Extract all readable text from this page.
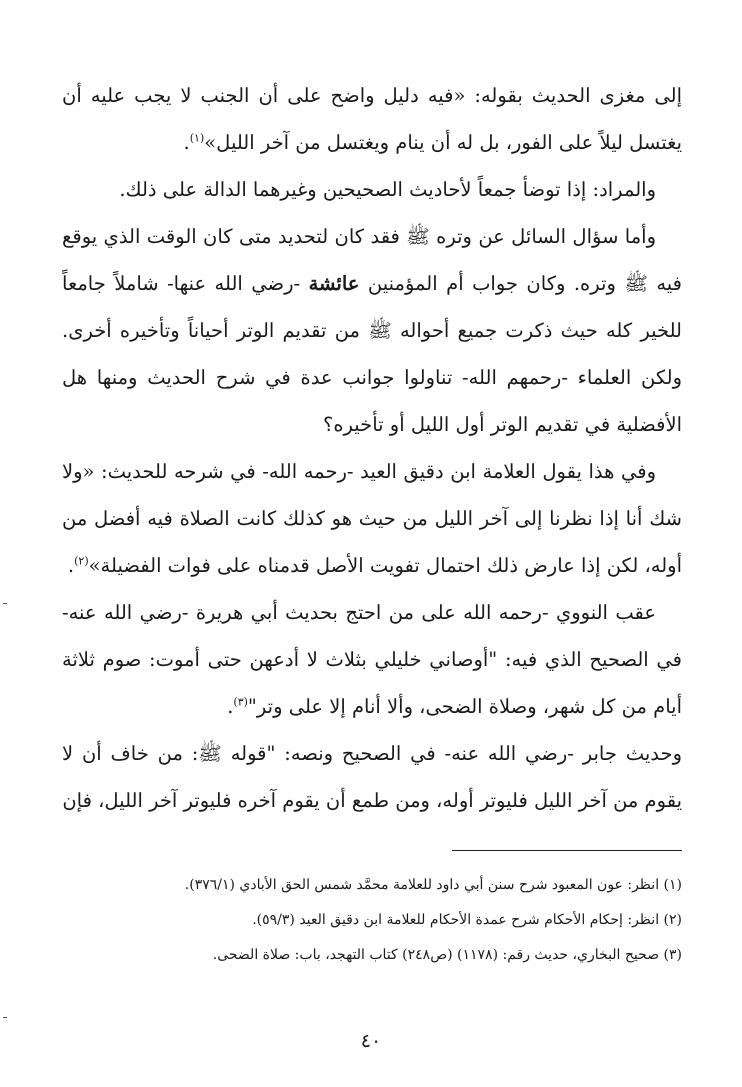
إلى مغزى الحديث بقوله: «فيه دليل واضح على أن الجنب لا يجب عليه أن يغتسل ليلاً على الفور، بل له أن ينام ويغتسل من آخر الليل»$^{(١)}$.

والمراد: إذا توضأ جمعاً لأحاديث الصحيحين وغيرهما الدالة على ذلك.

وأما سؤال السائل عن وتره ﷺ فقد كان لتحديد متى كان الوقت الذي يوقع فيه ﷺ وتره. وكان جواب أم المؤمنين عائشة -رضي الله عنها- شاملاً جامعاً للخير كله حيث ذكرت جميع أحواله ﷺ من تقديم الوتر أحياناً وتأخيره أخرى. ولكن العلماء -رحمهم الله- تناولوا جوانب عدة في شرح الحديث ومنها هل الأفضلية في تقديم الوتر أول الليل أو تأخيره؟

وفي هذا يقول العلامة ابن دقيق العيد -رحمه الله- في شرحه للحديث: «ولا شك أنا إذا نظرنا إلى آخر الليل من حيث هو كذلك كانت الصلاة فيه أفضل من أوله، لكن إذا عارض ذلك احتمال تفويت الأصل قدمناه على فوات الفضيلة»$^{(٢)}$.

عقب النووي -رحمه الله على من احتج بحديث أبي هريرة -رضي الله عنه- في الصحيح الذي فيه: "أوصاني خليلي بثلاث لا أدعهن حتى أموت: صوم ثلاثة أيام من كل شهر، وصلاة الضحى، وألا أنام إلا على وتر"$^{(٣)}$.

وحديث جابر -رضي الله عنه- في الصحيح ونصه: "قوله ﷺ: من خاف أن لا يقوم من آخر الليل فليوتر أوله، ومن طمع أن يقوم آخره فليوتر آخر الليل، فإن

(١) انظر: عون المعبود شرح سنن أبي داود للعلامة محمَّد شمس الحق الأبادي (٣٧٦/١).

(٢) انظر: إحكام الأحكام شرح عمدة الأحكام للعلامة ابن دقيق العيد (٥٩/٣).

(٣) صحيح البخاري، حديث رقم: (١١٧٨) (ص٢٤٨) كتاب التهجد، باب: صلاة الضحى.

٤٠
